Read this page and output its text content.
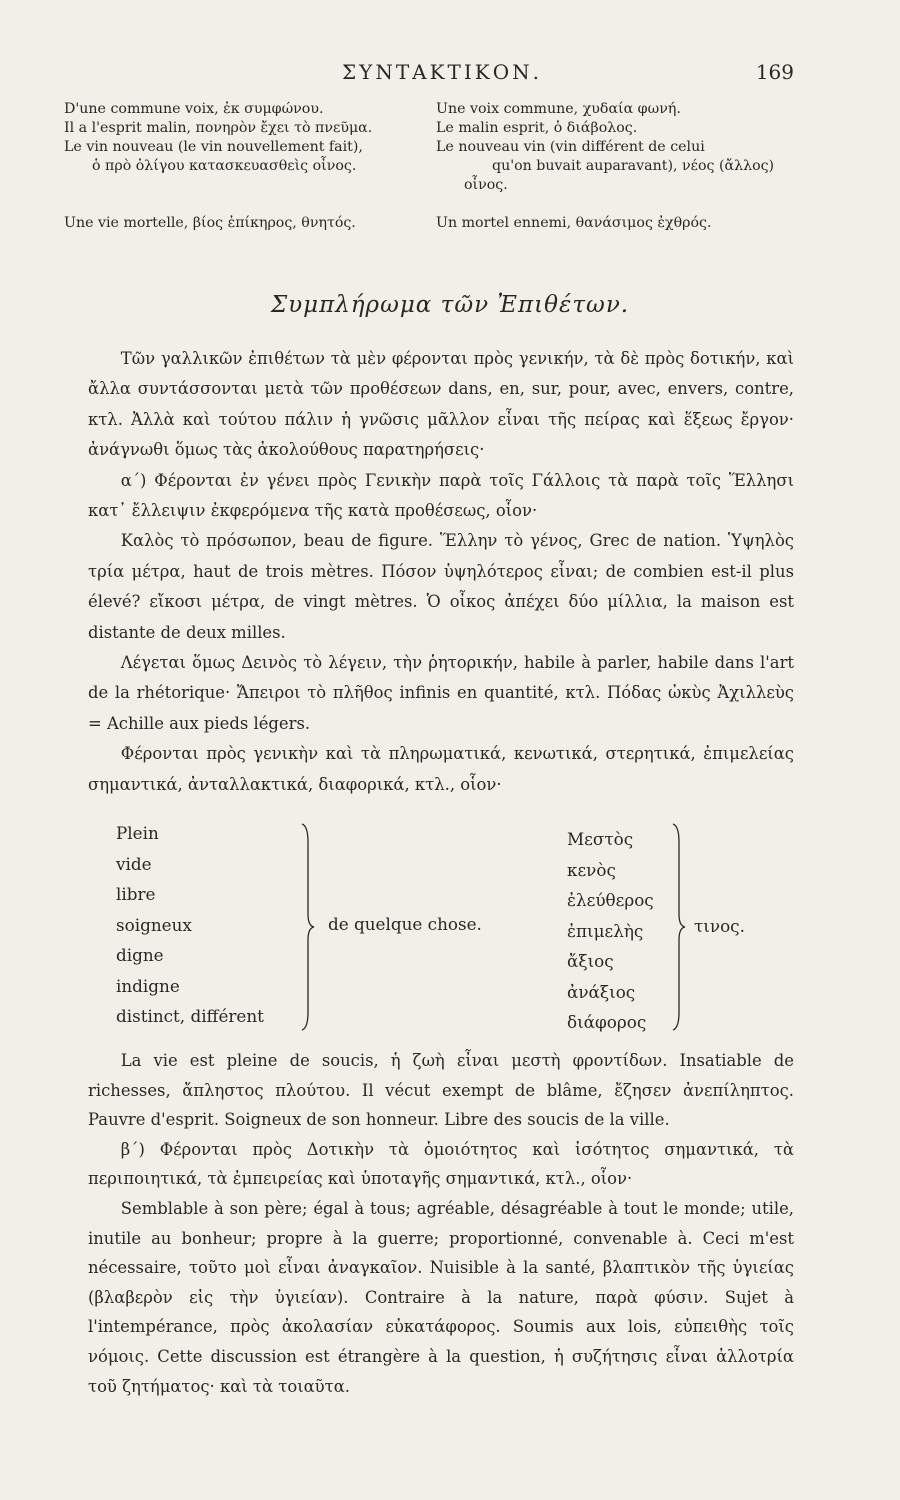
ΣΥΝΤΑΚΤΙΚΟΝ.	169
D'une commune voix, ἐκ συμφώνου.	Une voix commune, χυδαία φωνή.
Il a l'esprit malin, πονηρὸν ἔχει τὸ πνεῦμα.	Le malin esprit, ὁ διάβολος.
Le vin nouveau (le vin nouvellement fait),	Le nouveau vin (vin différent de celui
ὁ πρὸ ὀλίγου κατασκευασθεὶς οἶνος.	qu'on buvait auparavant), νέος (ἄλλος)
οἶνος.
Une vie mortelle, βίος ἐπίκηρος, θνητός.	Un mortel ennemi, θανάσιμος ἐχθρός.
Συμπλήρωμα τῶν Ἐπιθέτων.

Τῶν γαλλικῶν ἐπιθέτων τὰ μὲν φέρονται πρὸς γενικήν, τὰ δὲ πρὸς δοτικήν, καὶ ἄλλα συντάσσονται μετὰ τῶν προθέσεων dans, en, sur, pour, avec, envers, contre, κτλ. Ἀλλὰ καὶ τούτου πάλιν ἡ γνῶσις μᾶλλον εἶναι τῆς πείρας καὶ ἕξεως ἔργον· ἀνάγνωθι ὅμως τὰς ἀκολούθους παρατηρήσεις·

α΄) Φέρονται ἐν γένει πρὸς Γενικὴν παρὰ τοῖς Γάλλοις τὰ παρὰ τοῖς Ἕλλησι κατ᾽ ἔλλειψιν ἐκφερόμενα τῆς κατὰ προθέσεως, οἷον·

Καλὸς τὸ πρόσωπον, beau de figure. Ἕλλην τὸ γένος, Grec de nation. Ὑψηλὸς τρία μέτρα, haut de trois mètres. Πόσον ὑψηλότερος εἶναι; de combien est-il plus élevé? εἴκοσι μέτρα, de vingt mètres. Ὁ οἶκος ἀπέχει δύο μίλλια, la maison est distante de deux milles.

Λέγεται ὅμως Δεινὸς τὸ λέγειν, τὴν ῥητορικήν, habile à parler, habile dans l'art de la rhétorique· Ἄπειροι τὸ πλῆθος infinis en quantité, κτλ. Πόδας ὠκὺς Ἀχιλλεὺς = Achille aux pieds légers.

Φέρονται πρὸς γενικὴν καὶ τὰ πληρωματικά, κενωτικά, στερητικά, ἐπιμελείας σημαντικά, ἀνταλλακτικά, διαφορικά, κτλ., οἷον·

Plein
vide
libre
soigneux
digne
indigne
distinct, différent
de quelque chose.
Μεστὸς
κενὸς
ἐλεύθερος
ἐπιμελὴς
ἄξιος
ἀνάξιος
διάφορος
τινος.

La vie est pleine de soucis, ἡ ζωὴ εἶναι μεστὴ φροντίδων. Insatiable de richesses, ἄπληστος πλούτου. Il vécut exempt de blâme, ἔζησεν ἀνεπίληπτος. Pauvre d'esprit. Soigneux de son honneur. Libre des soucis de la ville.

β΄) Φέρονται πρὸς Δοτικὴν τὰ ὁμοιότητος καὶ ἰσότητος σημαντικά, τὰ περιποιητικά, τὰ ἐμπειρείας καὶ ὑποταγῆς σημαντικά, κτλ., οἷον·

Semblable à son père; égal à tous; agréable, désagréable à tout le monde; utile, inutile au bonheur; propre à la guerre; proportionné, convenable à. Ceci m'est nécessaire, τοῦτο μοὶ εἶναι ἀναγκαῖον. Nuisible à la santé, βλαπτικὸν τῆς ὑγιείας (βλαβερὸν εἰς τὴν ὑγιείαν). Contraire à la nature, παρὰ φύσιν. Sujet à l'intempérance, πρὸς ἀκολασίαν εὐκατάφορος. Soumis aux lois, εὐπειθὴς τοῖς νόμοις. Cette discussion est étrangère à la question, ἡ συζήτησις εἶναι ἀλλοτρία τοῦ ζητήματος· καὶ τὰ τοιαῦτα.
